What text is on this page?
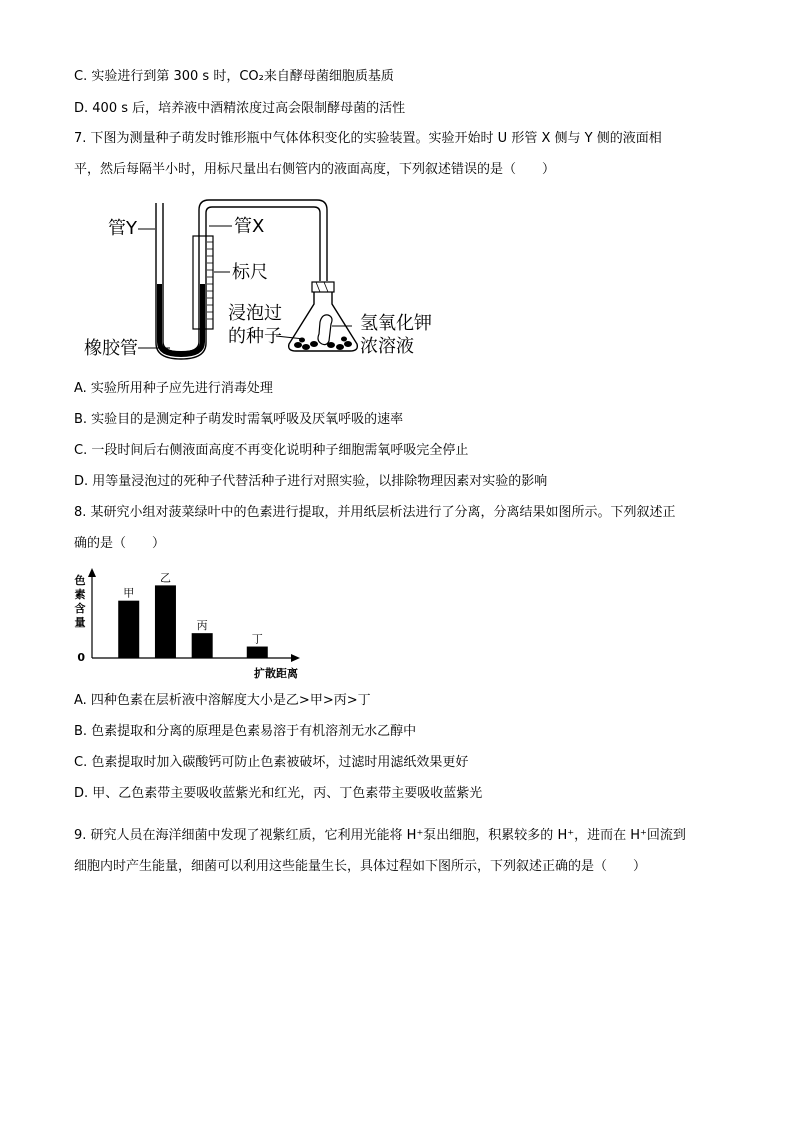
C. 实验进行到第 300 s 时，CO₂来自酵母菌细胞质基质
D. 400 s 后，培养液中酒精浓度过高会限制酵母菌的活性
7. 下图为测量种子萌发时锥形瓶中气体体积变化的实验装置。实验开始时 U 形管 X 侧与 Y 侧的液面相
平，然后每隔半小时，用标尺量出右侧管内的液面高度，下列叙述错误的是（　　）
管Y	管X
标尺
浸泡过
的种子
氢氧化钾
浓溶液
橡胶管
A. 实验所用种子应先进行消毒处理
B. 实验目的是测定种子萌发时需氧呼吸及厌氧呼吸的速率
C. 一段时间后右侧液面高度不再变化说明种子细胞需氧呼吸完全停止
D. 用等量浸泡过的死种子代替活种子进行对照实验，以排除物理因素对实验的影响
8. 某研究小组对菠菜绿叶中的色素进行提取，并用纸层析法进行了分离，分离结果如图所示。下列叙述正
确的是（　　）
色
素
含
量
0
扩散距离
甲
乙
丙
丁
A. 四种色素在层析液中溶解度大小是乙>甲>丙>丁
B. 色素提取和分离的原理是色素易溶于有机溶剂无水乙醇中
C. 色素提取时加入碳酸钙可防止色素被破坏，过滤时用滤纸效果更好
D. 甲、乙色素带主要吸收蓝紫光和红光，丙、丁色素带主要吸收蓝紫光
9. 研究人员在海洋细菌中发现了视紫红质，它利用光能将 H⁺泵出细胞，积累较多的 H⁺，进而在 H⁺回流到
细胞内时产生能量，细菌可以利用这些能量生长，具体过程如下图所示，下列叙述正确的是（　　）
